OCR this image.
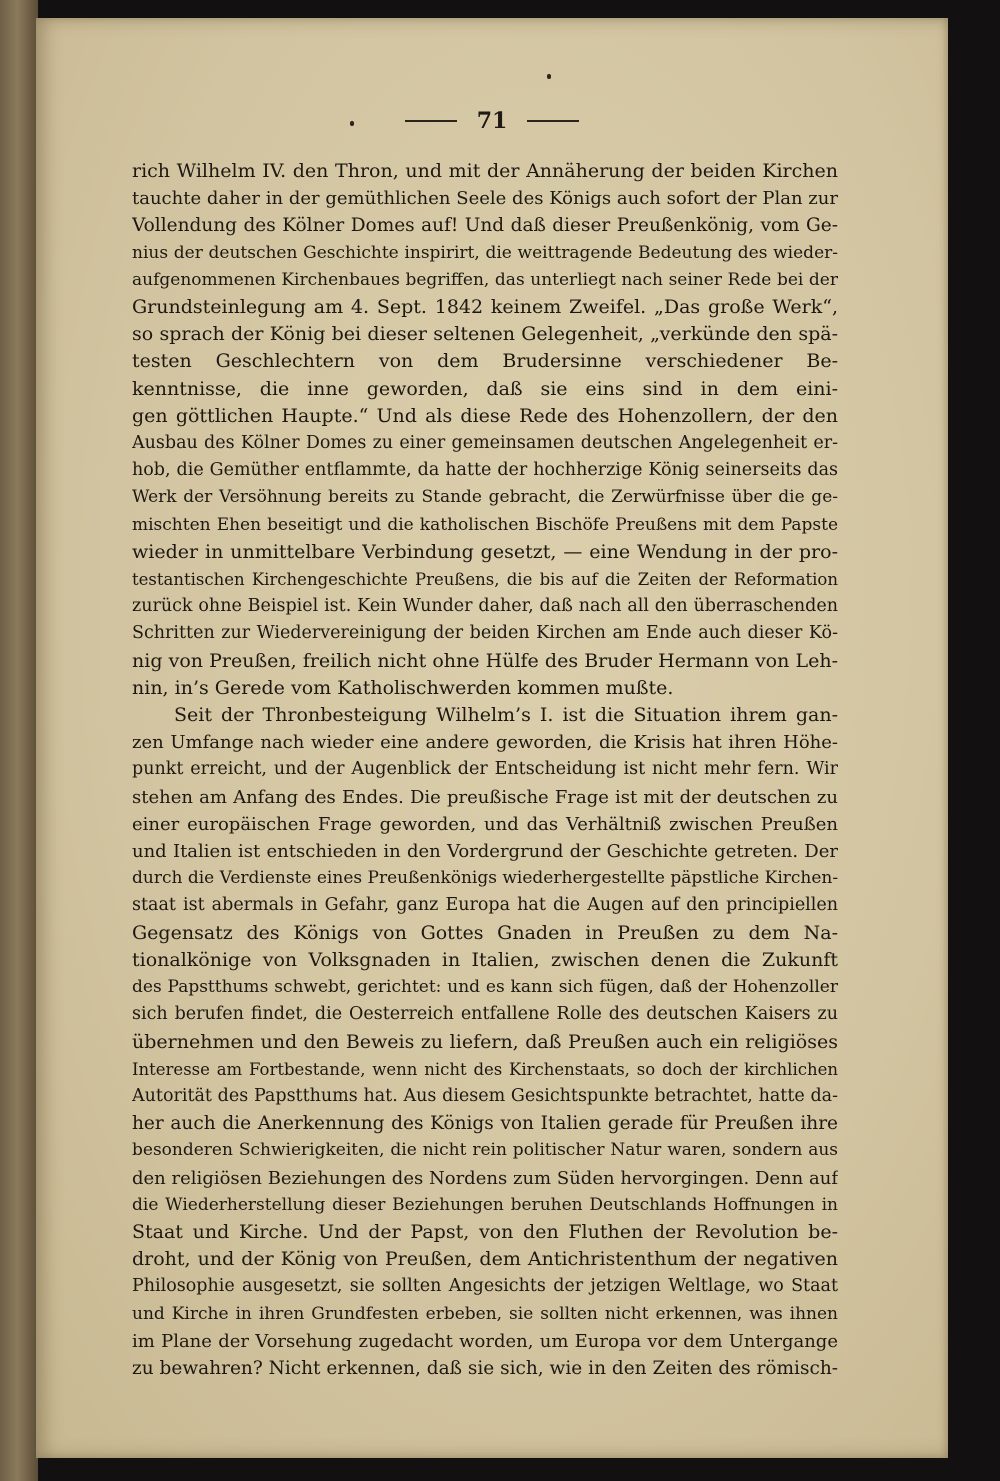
71
rich Wilhelm IV. den Thron, und mit der Annäherung der beiden Kirchen
tauchte daher in der gemüthlichen Seele des Königs auch sofort der Plan zur
Vollendung des Kölner Domes auf! Und daß dieser Preußenkönig, vom Ge-
nius der deutschen Geschichte inspirirt, die weittragende Bedeutung des wieder-
aufgenommenen Kirchenbaues begriffen, das unterliegt nach seiner Rede bei der
Grundsteinlegung am 4. Sept. 1842 keinem Zweifel. „Das große Werk“,
so sprach der König bei dieser seltenen Gelegenheit, „verkünde den spä-
testen Geschlechtern von dem Brudersinne verschiedener Be-
kenntnisse, die inne geworden, daß sie eins sind in dem eini-
gen göttlichen Haupte.“ Und als diese Rede des Hohenzollern, der den
Ausbau des Kölner Domes zu einer gemeinsamen deutschen Angelegenheit er-
hob, die Gemüther entflammte, da hatte der hochherzige König seinerseits das
Werk der Versöhnung bereits zu Stande gebracht, die Zerwürfnisse über die ge-
mischten Ehen beseitigt und die katholischen Bischöfe Preußens mit dem Papste
wieder in unmittelbare Verbindung gesetzt, — eine Wendung in der pro-
testantischen Kirchengeschichte Preußens, die bis auf die Zeiten der Reformation
zurück ohne Beispiel ist. Kein Wunder daher, daß nach all den überraschenden
Schritten zur Wiedervereinigung der beiden Kirchen am Ende auch dieser Kö-
nig von Preußen, freilich nicht ohne Hülfe des Bruder Hermann von Leh-
nin, in’s Gerede vom Katholischwerden kommen mußte.
Seit der Thronbesteigung Wilhelm’s I. ist die Situation ihrem gan-
zen Umfange nach wieder eine andere geworden, die Krisis hat ihren Höhe-
punkt erreicht, und der Augenblick der Entscheidung ist nicht mehr fern. Wir
stehen am Anfang des Endes. Die preußische Frage ist mit der deutschen zu
einer europäischen Frage geworden, und das Verhältniß zwischen Preußen
und Italien ist entschieden in den Vordergrund der Geschichte getreten. Der
durch die Verdienste eines Preußenkönigs wiederhergestellte päpstliche Kirchen-
staat ist abermals in Gefahr, ganz Europa hat die Augen auf den principiellen
Gegensatz des Königs von Gottes Gnaden in Preußen zu dem Na-
tionalkönige von Volksgnaden in Italien, zwischen denen die Zukunft
des Papstthums schwebt, gerichtet: und es kann sich fügen, daß der Hohenzoller
sich berufen findet, die Oesterreich entfallene Rolle des deutschen Kaisers zu
übernehmen und den Beweis zu liefern, daß Preußen auch ein religiöses
Interesse am Fortbestande, wenn nicht des Kirchenstaats, so doch der kirchlichen
Autorität des Papstthums hat. Aus diesem Gesichtspunkte betrachtet, hatte da-
her auch die Anerkennung des Königs von Italien gerade für Preußen ihre
besonderen Schwierigkeiten, die nicht rein politischer Natur waren, sondern aus
den religiösen Beziehungen des Nordens zum Süden hervorgingen. Denn auf
die Wiederherstellung dieser Beziehungen beruhen Deutschlands Hoffnungen in
Staat und Kirche. Und der Papst, von den Fluthen der Revolution be-
droht, und der König von Preußen, dem Antichristenthum der negativen
Philosophie ausgesetzt, sie sollten Angesichts der jetzigen Weltlage, wo Staat
und Kirche in ihren Grundfesten erbeben, sie sollten nicht erkennen, was ihnen
im Plane der Vorsehung zugedacht worden, um Europa vor dem Untergange
zu bewahren? Nicht erkennen, daß sie sich, wie in den Zeiten des römisch-
